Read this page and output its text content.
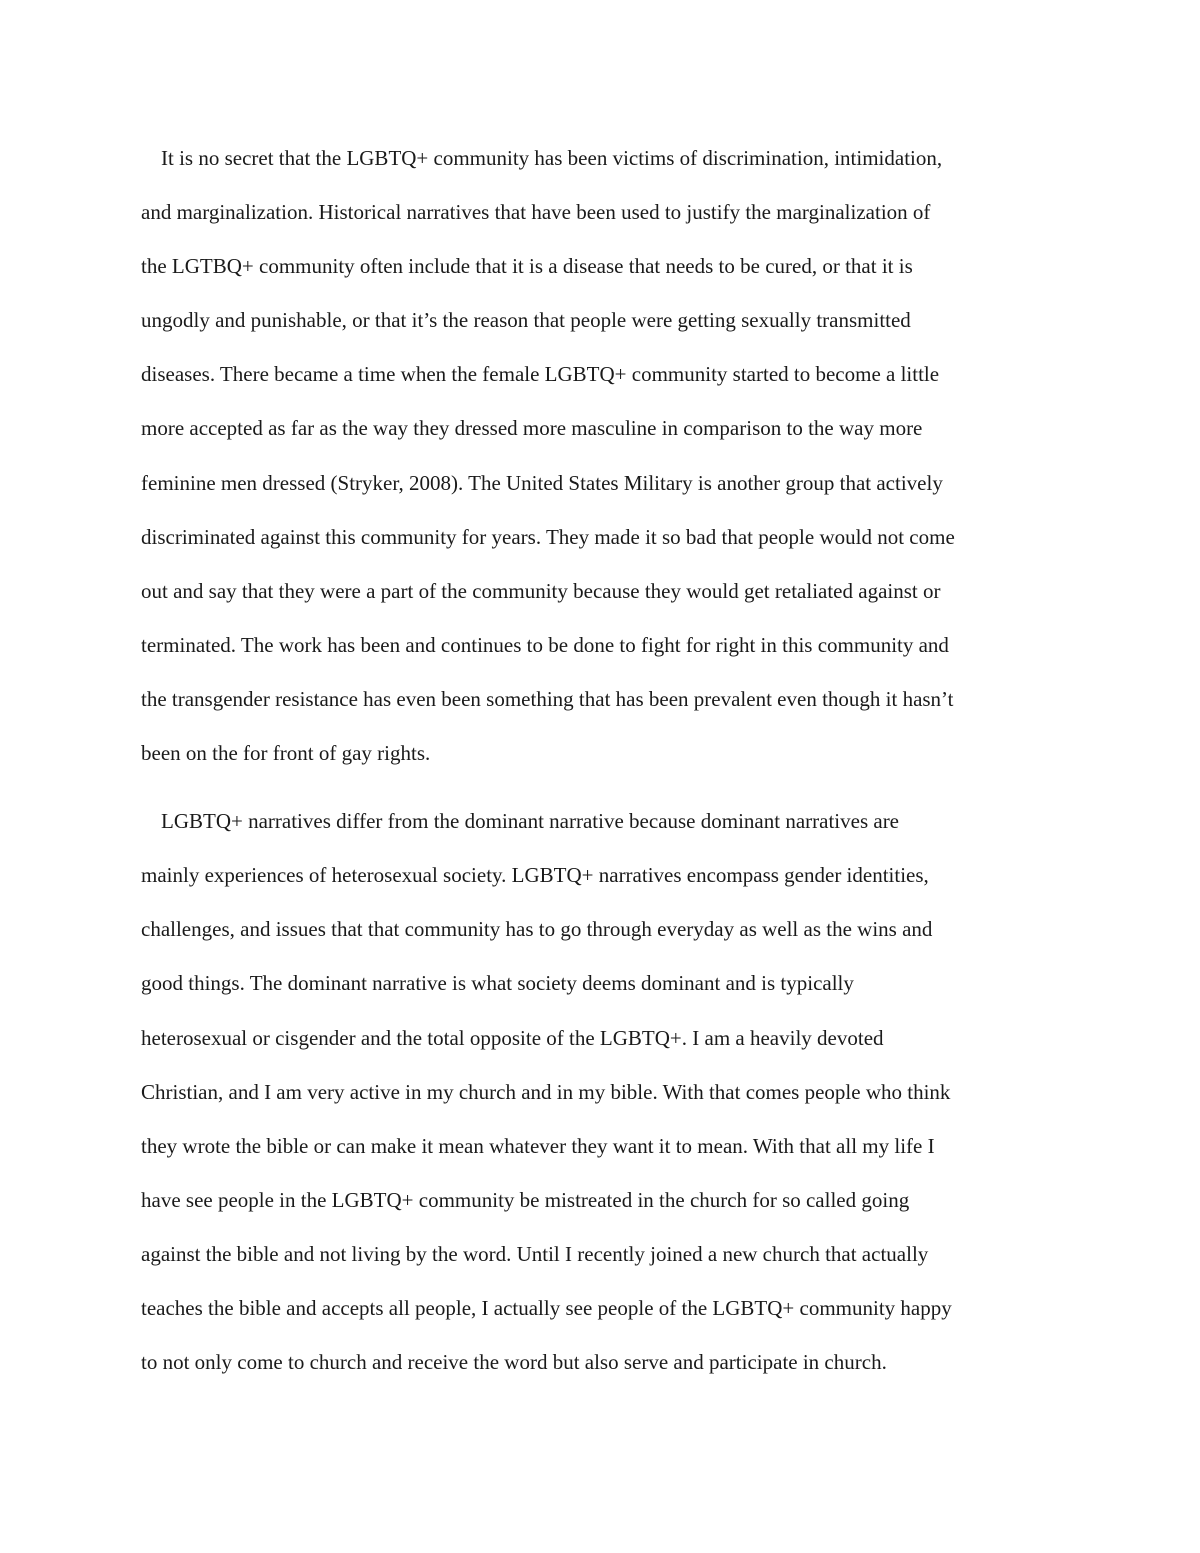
It is no secret that the LGBTQ+ community has been victims of discrimination, intimidation,
and marginalization. Historical narratives that have been used to justify the marginalization of
the LGTBQ+ community often include that it is a disease that needs to be cured, or that it is
ungodly and punishable, or that it’s the reason that people were getting sexually transmitted
diseases. There became a time when the female LGBTQ+ community started to become a little
more accepted as far as the way they dressed more masculine in comparison to the way more
feminine men dressed (Stryker, 2008). The United States Military is another group that actively
discriminated against this community for years. They made it so bad that people would not come
out and say that they were a part of the community because they would get retaliated against or
terminated. The work has been and continues to be done to fight for right in this community and
the transgender resistance has even been something that has been prevalent even though it hasn’t
been on the for front of gay rights.
LGBTQ+ narratives differ from the dominant narrative because dominant narratives are
mainly experiences of heterosexual society. LGBTQ+ narratives encompass gender identities,
challenges, and issues that that community has to go through everyday as well as the wins and
good things. The dominant narrative is what society deems dominant and is typically
heterosexual or cisgender and the total opposite of the LGBTQ+. I am a heavily devoted
Christian, and I am very active in my church and in my bible. With that comes people who think
they wrote the bible or can make it mean whatever they want it to mean. With that all my life I
have see people in the LGBTQ+ community be mistreated in the church for so called going
against the bible and not living by the word. Until I recently joined a new church that actually
teaches the bible and accepts all people, I actually see people of the LGBTQ+ community happy
to not only come to church and receive the word but also serve and participate in church.
